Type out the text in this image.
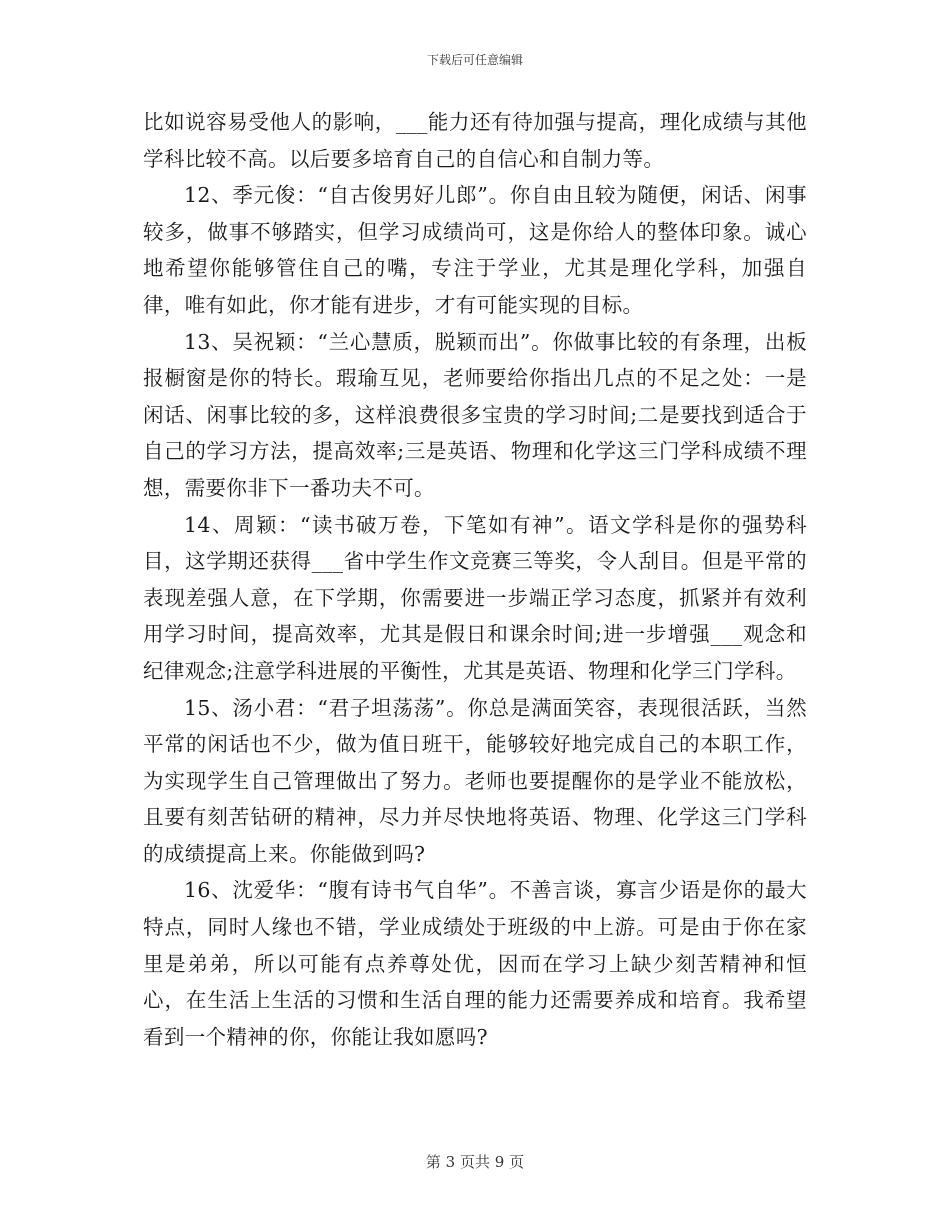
下载后可任意编辑

比如说容易受他人的影响，___能力还有待加强与提高，理化成绩与其他学科比较不高。以后要多培育自己的自信心和自制力等。

12、季元俊：“自古俊男好儿郎”。你自由且较为随便，闲话、闲事较多，做事不够踏实，但学习成绩尚可，这是你给人的整体印象。诚心地希望你能够管住自己的嘴，专注于学业，尤其是理化学科，加强自律，唯有如此，你才能有进步，才有可能实现的目标。

13、吴祝颖：“兰心慧质，脱颖而出”。你做事比较的有条理，出板报橱窗是你的特长。瑕瑜互见，老师要给你指出几点的不足之处：一是闲话、闲事比较的多，这样浪费很多宝贵的学习时间;二是要找到适合于自己的学习方法，提高效率;三是英语、物理和化学这三门学科成绩不理想，需要你非下一番功夫不可。

14、周颖：“读书破万卷，下笔如有神”。语文学科是你的强势科目，这学期还获得___省中学生作文竞赛三等奖，令人刮目。但是平常的表现差强人意，在下学期，你需要进一步端正学习态度，抓紧并有效利用学习时间，提高效率，尤其是假日和课余时间;进一步增强___观念和纪律观念;注意学科进展的平衡性，尤其是英语、物理和化学三门学科。

15、汤小君：“君子坦荡荡”。你总是满面笑容，表现很活跃，当然平常的闲话也不少，做为值日班干，能够较好地完成自己的本职工作，为实现学生自己管理做出了努力。老师也要提醒你的是学业不能放松，且要有刻苦钻研的精神，尽力并尽快地将英语、物理、化学这三门学科的成绩提高上来。你能做到吗?

16、沈爱华：“腹有诗书气自华”。不善言谈，寡言少语是你的最大特点，同时人缘也不错，学业成绩处于班级的中上游。可是由于你在家里是弟弟，所以可能有点养尊处优，因而在学习上缺少刻苦精神和恒心，在生活上生活的习惯和生活自理的能力还需要养成和培育。我希望看到一个精神的你，你能让我如愿吗?

第 3 页共 9 页
